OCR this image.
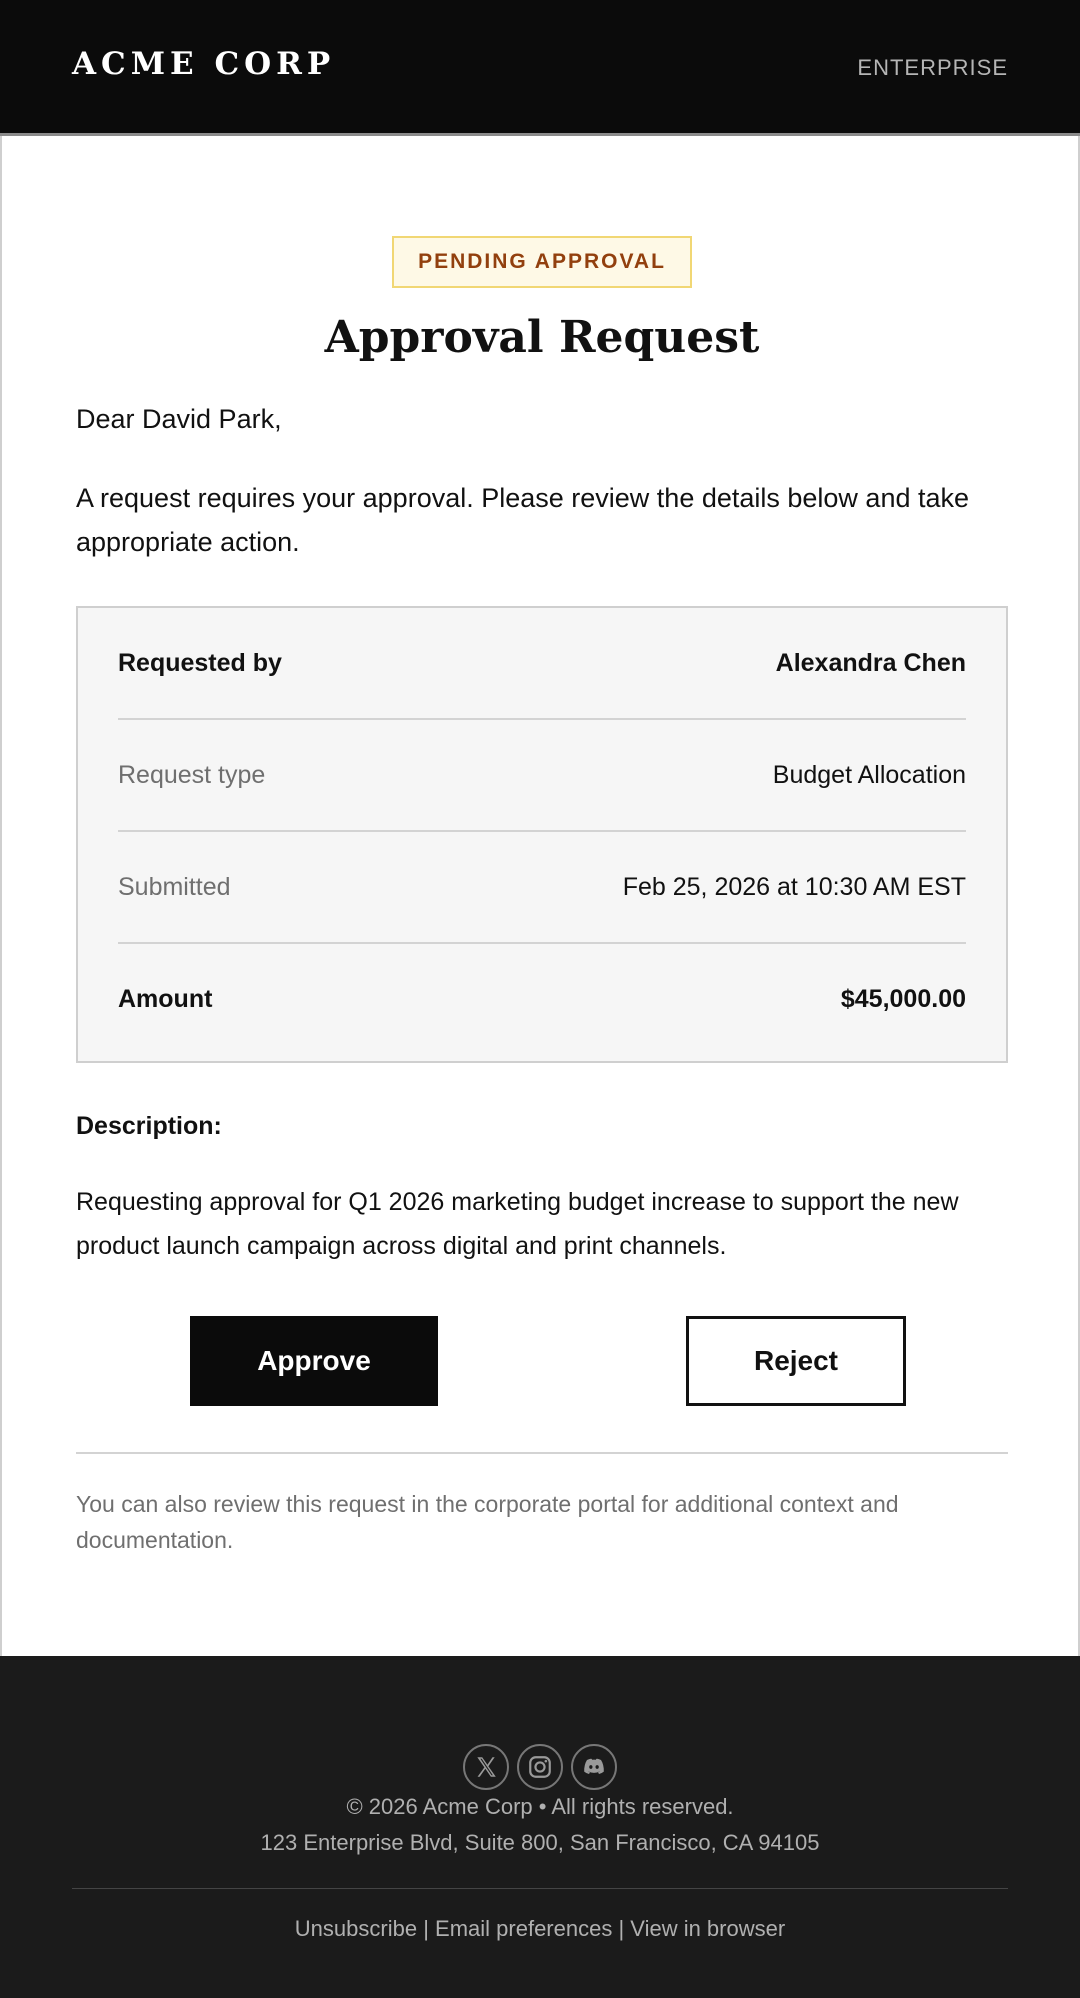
ACME CORP	ENTERPRISE
PENDING APPROVAL
Approval Request
Dear David Park,
A request requires your approval. Please review the details below and take appropriate action.
Requested by	Alexandra Chen
Request type	Budget Allocation
Submitted	Feb 25, 2026 at 10:30 AM EST
Amount	$45,000.00
Description:
Requesting approval for Q1 2026 marketing budget increase to support the new product launch campaign across digital and print channels.
Approve	Reject
You can also review this request in the corporate portal for additional context and documentation.
© 2026 Acme Corp • All rights reserved.
123 Enterprise Blvd, Suite 800, San Francisco, CA 94105
Unsubscribe | Email preferences | View in browser
